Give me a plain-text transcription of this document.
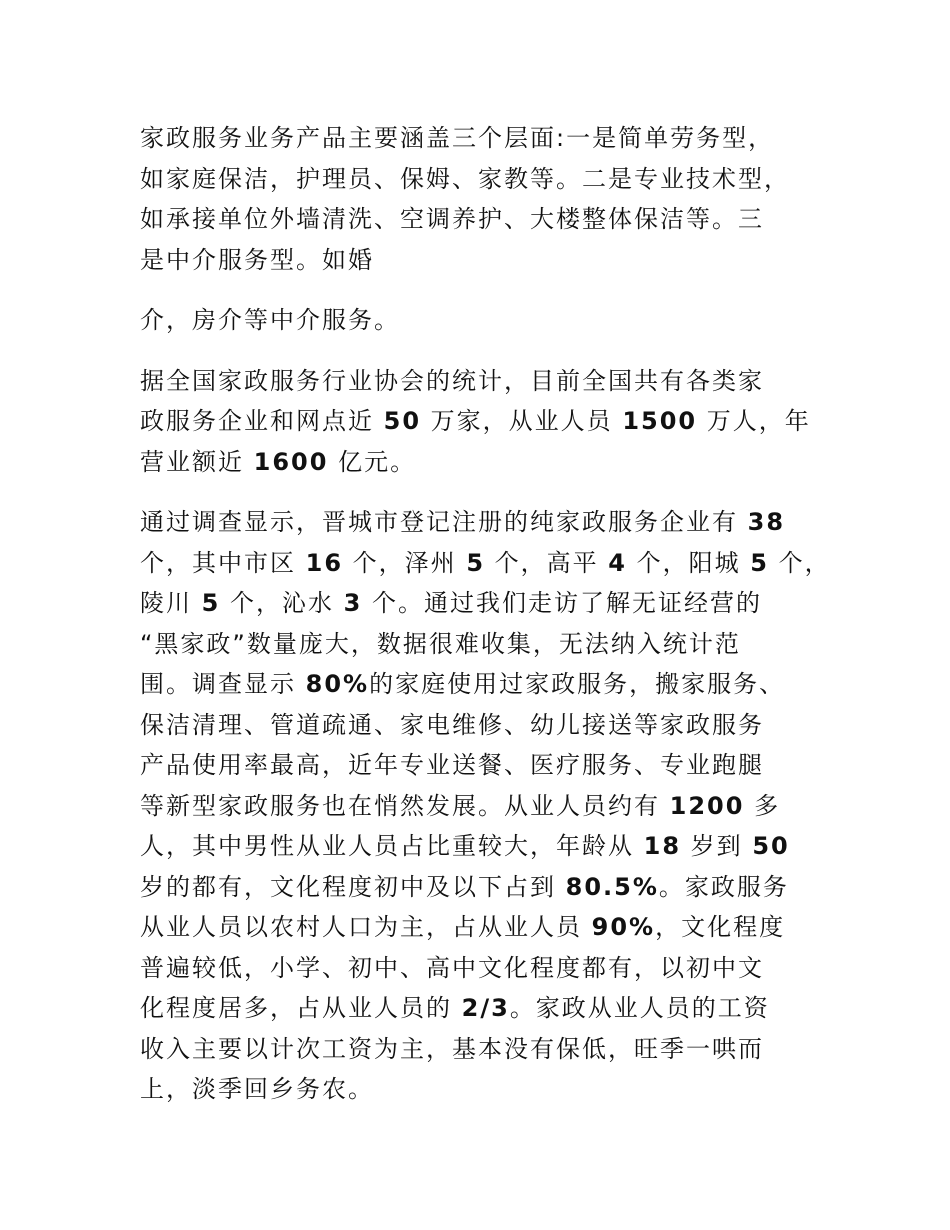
家政服务业务产品主要涵盖三个层面:一是简单劳务型，
如家庭保洁，护理员、保姆、家教等。二是专业技术型，
如承接单位外墙清洗、空调养护、大楼整体保洁等。三
是中介服务型。如婚

介，房介等中介服务。

据全国家政服务行业协会的统计，目前全国共有各类家
政服务企业和网点近 50 万家，从业人员 1500 万人，年
营业额近 1600 亿元。

通过调查显示，晋城市登记注册的纯家政服务企业有 38
个，其中市区 16 个，泽州 5 个，高平 4 个，阳城 5 个，
陵川 5 个，沁水 3 个。通过我们走访了解无证经营的
“黑家政”数量庞大，数据很难收集，无法纳入统计范
围。调查显示 80%的家庭使用过家政服务，搬家服务、
保洁清理、管道疏通、家电维修、幼儿接送等家政服务
产品使用率最高，近年专业送餐、医疗服务、专业跑腿
等新型家政服务也在悄然发展。从业人员约有 1200 多
人，其中男性从业人员占比重较大，年龄从 18 岁到 50
岁的都有，文化程度初中及以下占到 80.5%。家政服务
从业人员以农村人口为主，占从业人员 90%，文化程度
普遍较低，小学、初中、高中文化程度都有，以初中文
化程度居多，占从业人员的 2/3。家政从业人员的工资
收入主要以计次工资为主，基本没有保低，旺季一哄而
上，淡季回乡务农。
